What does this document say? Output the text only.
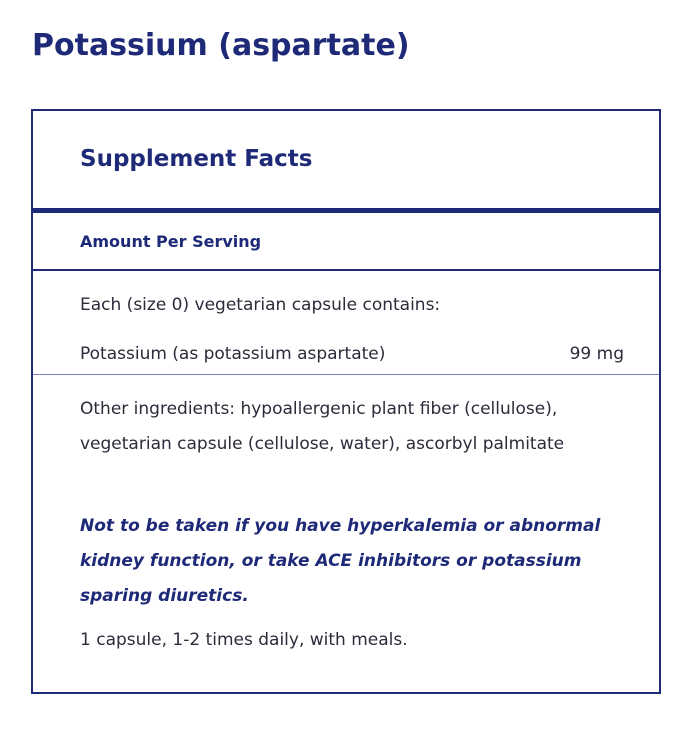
Potassium (aspartate)
Supplement Facts
Amount Per Serving
Each (size 0) vegetarian capsule contains:
Potassium (as potassium aspartate)	99 mg

Other ingredients: hypoallergenic plant fiber (cellulose), vegetarian capsule (cellulose, water), ascorbyl palmitate

Not to be taken if you have hyperkalemia or abnormal kidney function, or take ACE inhibitors or potassium sparing diuretics.

1 capsule, 1-2 times daily, with meals.
